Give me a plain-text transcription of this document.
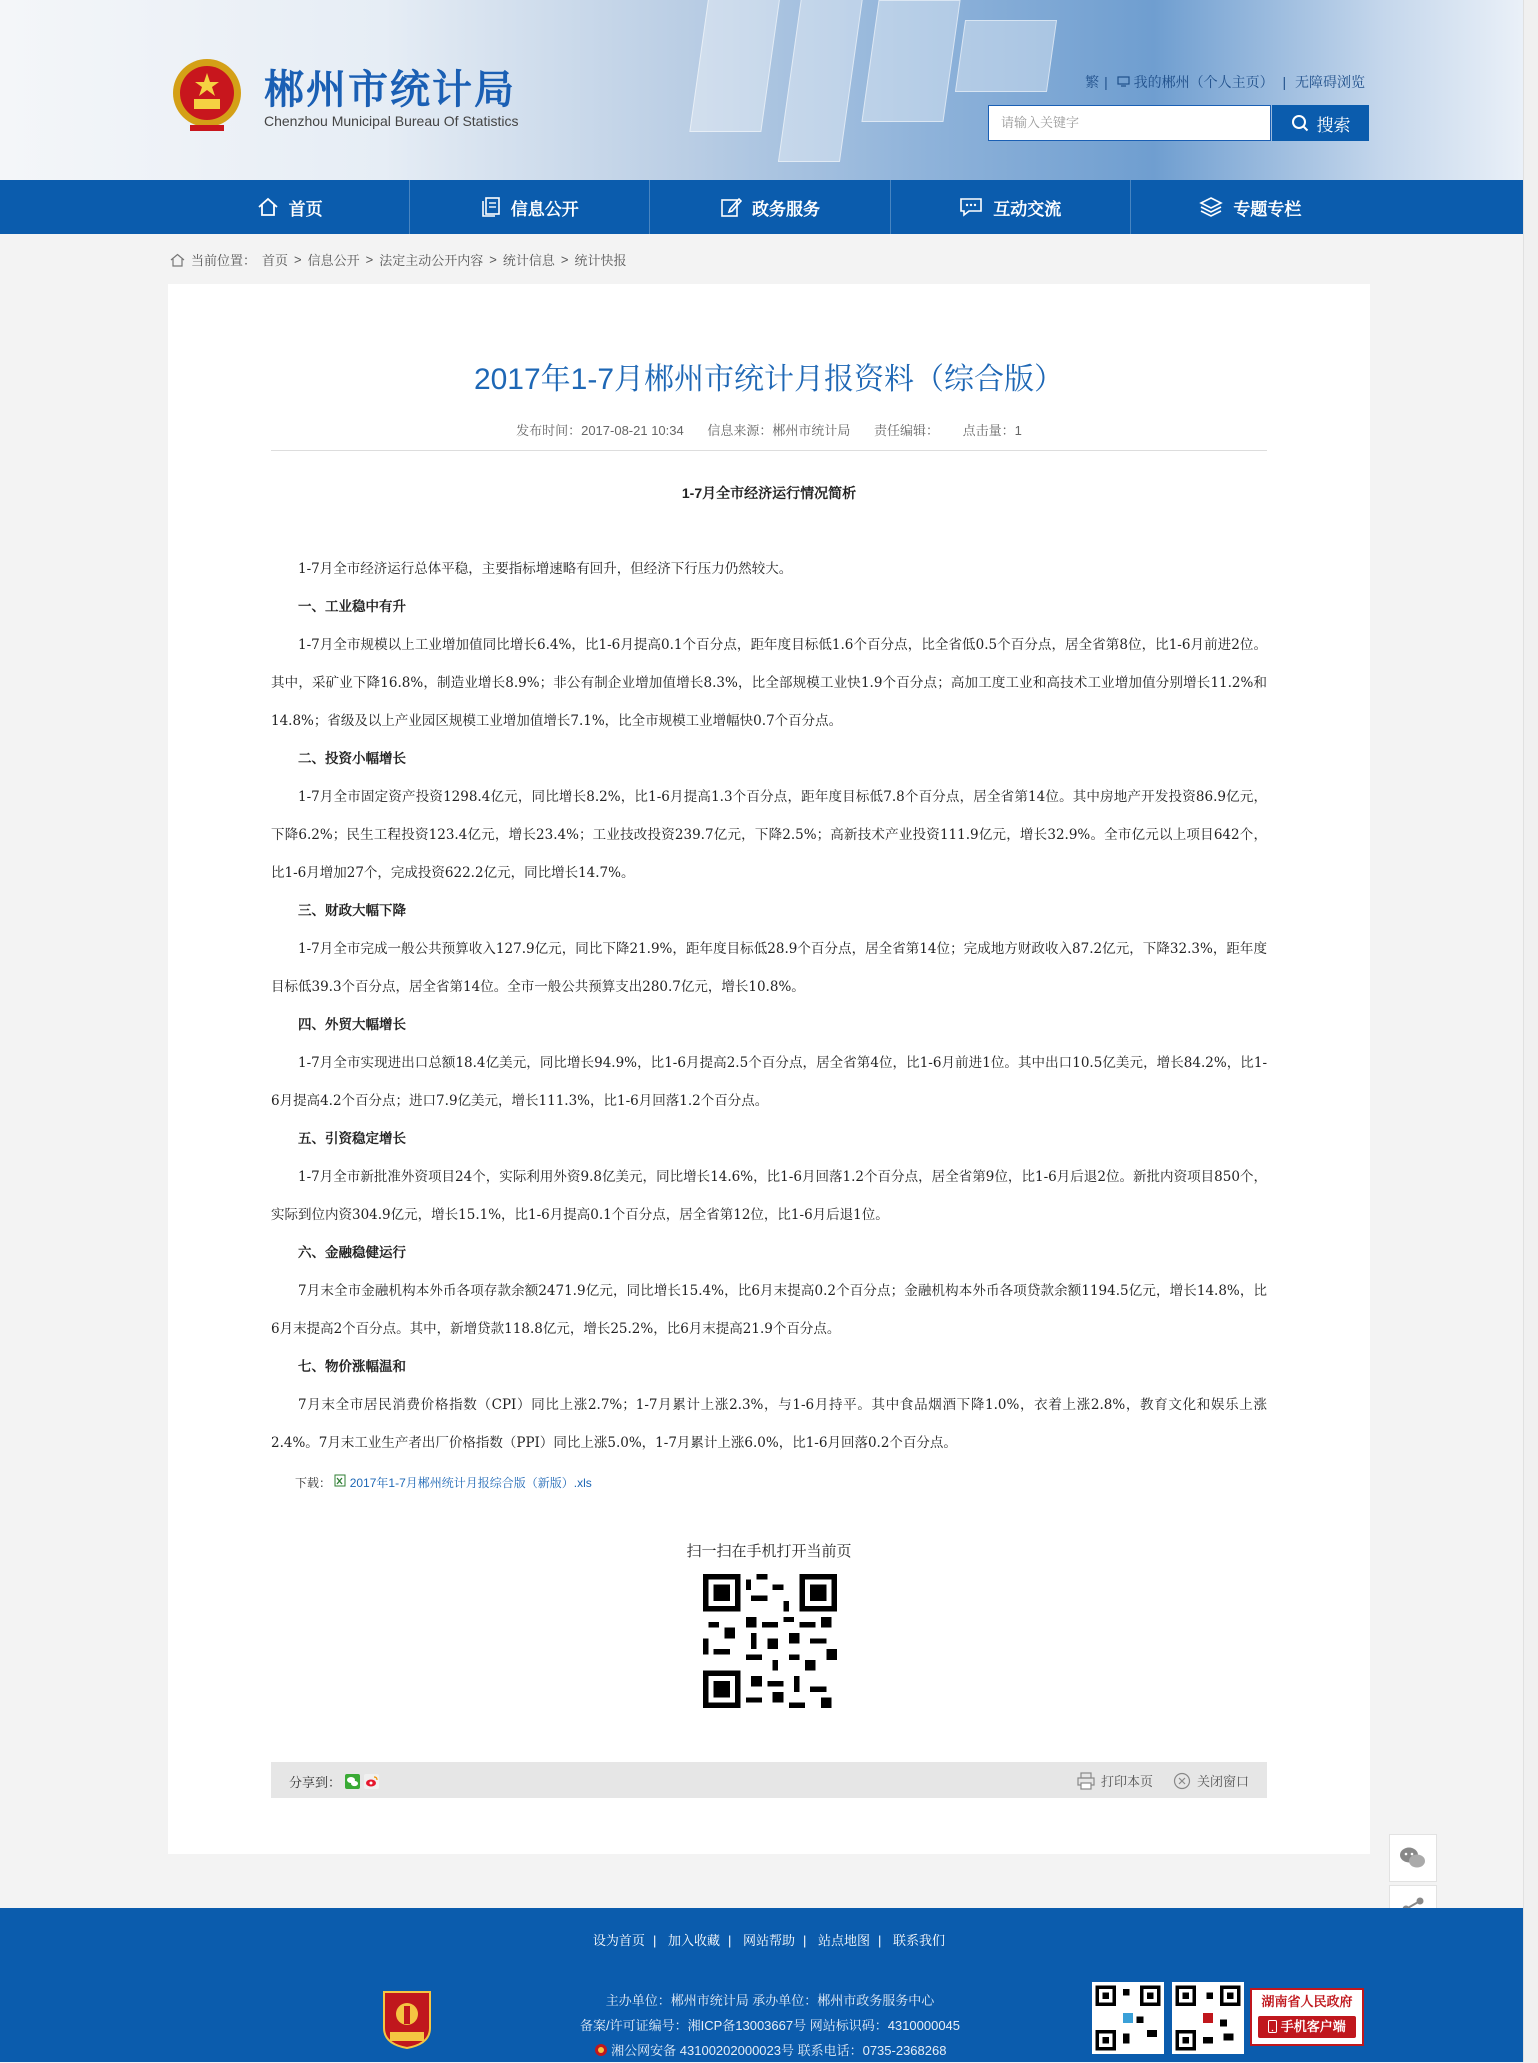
郴州市统计局
Chenzhou Municipal Bureau Of Statistics
繁 |  我的郴州（个人主页） | 无障碍浏览
请输入关键字	搜索
首页	信息公开	政务服务	互动交流	专题专栏
当前位置： 首页 > 信息公开 > 法定主动公开内容 > 统计信息 > 统计快报
2017年1-7月郴州市统计月报资料（综合版）
发布时间：2017-08-21 10:34 信息来源：郴州市统计局 责任编辑： 点击量：1
1-7月全市经济运行情况简析

1-7月全市经济运行总体平稳，主要指标增速略有回升，但经济下行压力仍然较大。

一、工业稳中有升

1-7月全市规模以上工业增加值同比增长6.4%，比1-6月提高0.1个百分点，距年度目标低1.6个百分点，比全省低0.5个百分点，居全省第8位，比1-6月前进2位。其中，采矿业下降16.8%，制造业增长8.9%；非公有制企业增加值增长8.3%，比全部规模工业快1.9个百分点；高加工度工业和高技术工业增加值分别增长11.2%和14.8%；省级及以上产业园区规模工业增加值增长7.1%，比全市规模工业增幅快0.7个百分点。

二、投资小幅增长

1-7月全市固定资产投资1298.4亿元，同比增长8.2%，比1-6月提高1.3个百分点，距年度目标低7.8个百分点，居全省第14位。其中房地产开发投资86.9亿元，下降6.2%；民生工程投资123.4亿元，增长23.4%；工业技改投资239.7亿元，下降2.5%；高新技术产业投资111.9亿元，增长32.9%。全市亿元以上项目642个，比1-6月增加27个，完成投资622.2亿元，同比增长14.7%。

三、财政大幅下降

1-7月全市完成一般公共预算收入127.9亿元，同比下降21.9%，距年度目标低28.9个百分点，居全省第14位；完成地方财政收入87.2亿元，下降32.3%，距年度目标低39.3个百分点，居全省第14位。全市一般公共预算支出280.7亿元，增长10.8%。

四、外贸大幅增长

1-7月全市实现进出口总额18.4亿美元，同比增长94.9%，比1-6月提高2.5个百分点，居全省第4位，比1-6月前进1位。其中出口10.5亿美元，增长84.2%，比1-6月提高4.2个百分点；进口7.9亿美元，增长111.3%，比1-6月回落1.2个百分点。

五、引资稳定增长

1-7月全市新批准外资项目24个，实际利用外资9.8亿美元，同比增长14.6%，比1-6月回落1.2个百分点，居全省第9位，比1-6月后退2位。新批内资项目850个，实际到位内资304.9亿元，增长15.1%，比1-6月提高0.1个百分点，居全省第12位，比1-6月后退1位。

六、金融稳健运行

7月末全市金融机构本外币各项存款余额2471.9亿元，同比增长15.4%，比6月末提高0.2个百分点；金融机构本外币各项贷款余额1194.5亿元，增长14.8%，比6月末提高2个百分点。其中，新增贷款118.8亿元，增长25.2%，比6月末提高21.9个百分点。

七、物价涨幅温和

7月末全市居民消费价格指数（CPI）同比上涨2.7%；1-7月累计上涨2.3%，与1-6月持平。其中食品烟酒下降1.0%，衣着上涨2.8%，教育文化和娱乐上涨2.4%。7月末工业生产者出厂价格指数（PPI）同比上涨5.0%，1-7月累计上涨6.0%，比1-6月回落0.2个百分点。

下载： 2017年1-7月郴州统计月报综合版（新版）.xls
扫一扫在手机打开当前页
分享到：	打印本页	关闭窗口
设为首页 | 加入收藏 | 网站帮助 | 站点地图 | 联系我们
主办单位：郴州市统计局 承办单位：郴州市政务服务中心
备案/许可证编号：湘ICP备13003667号 网站标识码：4310000045
湘公网安备 43100202000023号 联系电话：0735-2368268
湖南省人民政府
手机客户端
